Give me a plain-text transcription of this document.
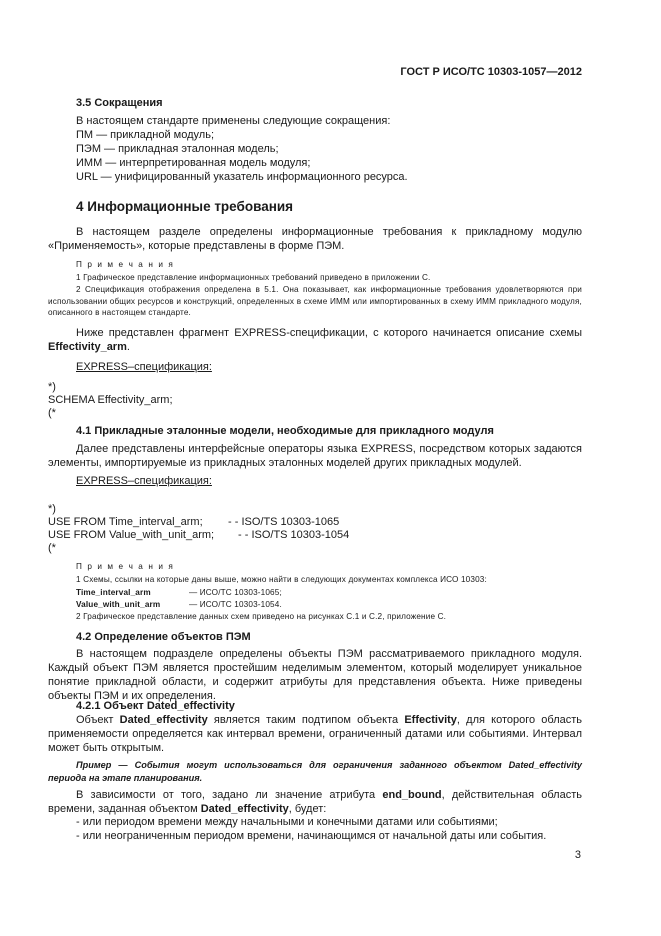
ГОСТ Р ИСО/ТС 10303-1057—2012
3.5 Сокращения
В настоящем стандарте применены следующие сокращения:
ПМ — прикладной модуль;
ПЭМ — прикладная эталонная модель;
ИММ — интерпретированная модель модуля;
URL — унифицированный указатель информационного ресурса.
4 Информационные требования

В настоящем разделе определены информационные требования к прикладному модулю «Применяемость», которые представлены в форме ПЭМ.

П р и м е ч а н и я

1 Графическое представление информационных требований приведено в приложении С.

2 Спецификация отображения определена в 5.1. Она показывает, как информационные требования удовлетворяются при использовании общих ресурсов и конструкций, определенных в схеме ИММ или импортированных в схему ИММ прикладного модуля, описанного в настоящем стандарте.

Ниже представлен фрагмент EXPRESS-спецификации, с которого начинается описание схемы Effectivity_arm.

EXPRESS–спецификация:
*)
SCHEMA Effectivity_arm;
(*
4.1 Прикладные эталонные модели, необходимые для прикладного модуля

Далее представлены интерфейсные операторы языка EXPRESS, посредством которых задаются элементы, импортируемые из прикладных эталонных моделей других прикладных модулей.

EXPRESS–спецификация:
*)
USE FROM Time_interval_arm; - - ISO/TS 10303-1065
USE FROM Value_with_unit_arm; - - ISO/TS 10303-1054
(*
П р и м е ч а н и я
1 Схемы, ссылки на которые даны выше, можно найти в следующих документах комплекса ИСО 10303:
Time_interval_arm	— ИСО/ТС 10303-1065;
Value_with_unit_arm	— ИСО/ТС 10303-1054.
2 Графическое представление данных схем приведено на рисунках С.1 и С.2, приложение С.
4.2 Определение объектов ПЭМ

В настоящем подразделе определены объекты ПЭМ рассматриваемого прикладного модуля. Каждый объект ПЭМ является простейшим неделимым элементом, который моделирует уникальное понятие прикладной области, и содержит атрибуты для представления объекта. Ниже приведены объекты ПЭМ и их определения.

4.2.1 Объект Dated_effectivity

Объект Dated_effectivity является таким подтипом объекта Effectivity, для которого область применяемости определяется как интервал времени, ограниченный датами или событиями. Интервал может быть открытым.

Пример — События могут использоваться для ограничения заданного объектом Dated_effectivity периода на этапе планирования.

В зависимости от того, задано ли значение атрибута end_bound, действительная область времени, заданная объектом Dated_effectivity, будет:

- или периодом времени между начальными и конечными датами или событиями;
- или неограниченным периодом времени, начинающимся от начальной даты или события.
3
